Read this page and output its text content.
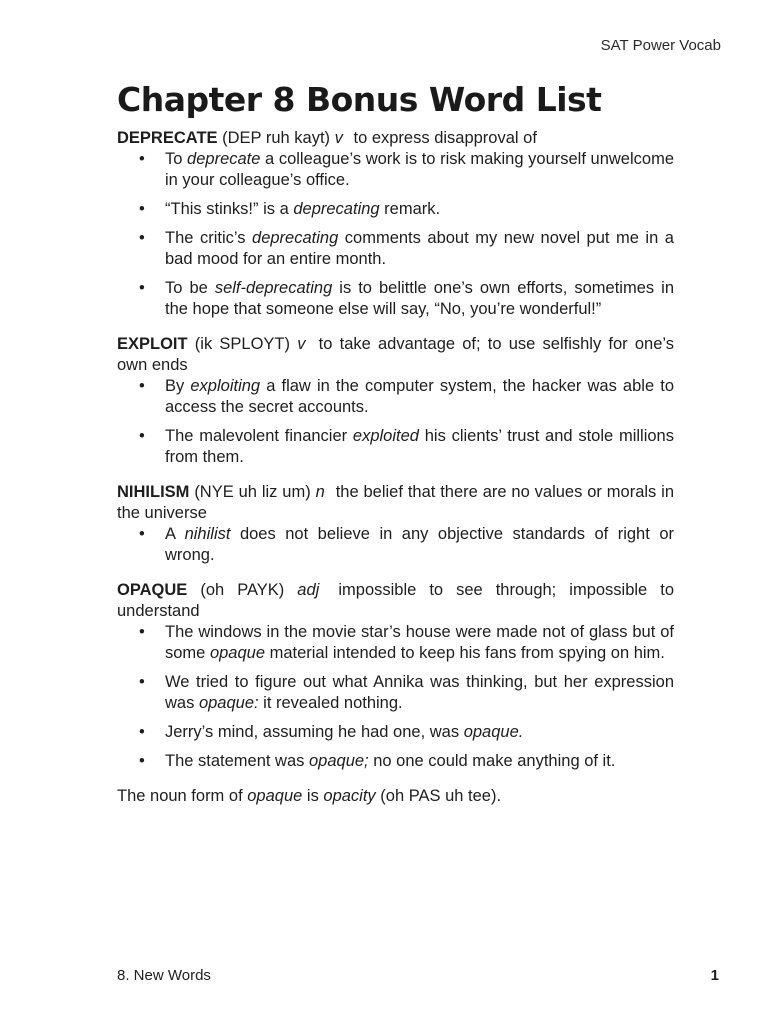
SAT Power Vocab
Chapter 8 Bonus Word List
DEPRECATE (DEP ruh kayt) v to express disapproval of
• To deprecate a colleague’s work is to risk making yourself unwelcome in your colleague’s office.
• “This stinks!” is a deprecating remark.
• The critic’s deprecating comments about my new novel put me in a bad mood for an entire month.
• To be self-deprecating is to belittle one’s own efforts, sometimes in the hope that someone else will say, “No, you’re wonderful!”
EXPLOIT (ik SPLOYT) v to take advantage of; to use selfishly for one’s own ends
• By exploiting a flaw in the computer system, the hacker was able to access the secret accounts.
• The malevolent financier exploited his clients’ trust and stole millions from them.
NIHILISM (NYE uh liz um) n the belief that there are no values or morals in the universe
• A nihilist does not believe in any objective standards of right or wrong.
OPAQUE (oh PAYK) adj impossible to see through; impossible to understand
• The windows in the movie star’s house were made not of glass but of some opaque material intended to keep his fans from spying on him.
• We tried to figure out what Annika was thinking, but her expression was opaque: it revealed nothing.
• Jerry’s mind, assuming he had one, was opaque.
• The statement was opaque; no one could make anything of it.
The noun form of opaque is opacity (oh PAS uh tee).
8. New Words	1
